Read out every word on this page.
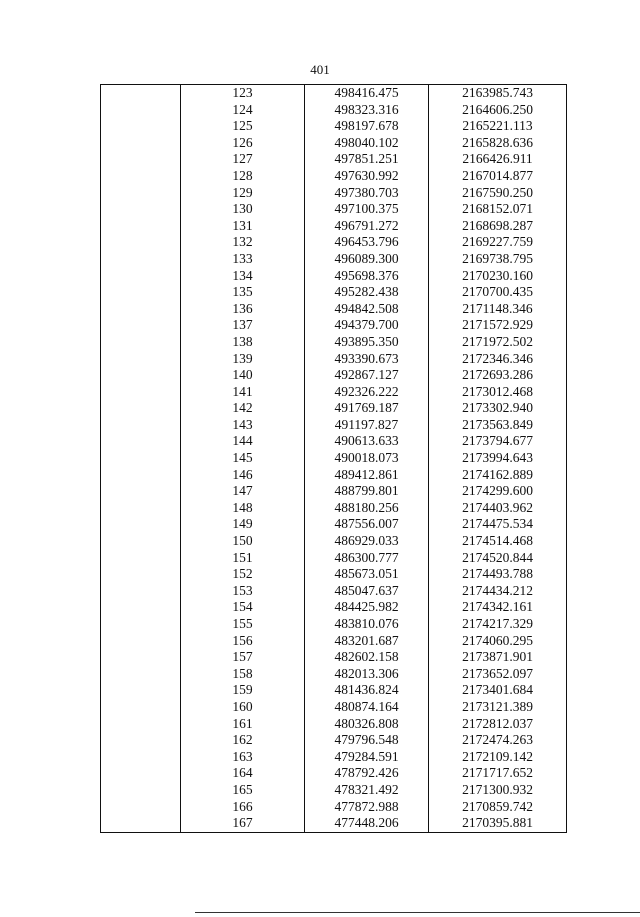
401
	123	498416.475	2163985.743
	124	498323.316	2164606.250
	125	498197.678	2165221.113
	126	498040.102	2165828.636
	127	497851.251	2166426.911
	128	497630.992	2167014.877
	129	497380.703	2167590.250
	130	497100.375	2168152.071
	131	496791.272	2168698.287
	132	496453.796	2169227.759
	133	496089.300	2169738.795
	134	495698.376	2170230.160
	135	495282.438	2170700.435
	136	494842.508	2171148.346
	137	494379.700	2171572.929
	138	493895.350	2171972.502
	139	493390.673	2172346.346
	140	492867.127	2172693.286
	141	492326.222	2173012.468
	142	491769.187	2173302.940
	143	491197.827	2173563.849
	144	490613.633	2173794.677
	145	490018.073	2173994.643
	146	489412.861	2174162.889
	147	488799.801	2174299.600
	148	488180.256	2174403.962
	149	487556.007	2174475.534
	150	486929.033	2174514.468
	151	486300.777	2174520.844
	152	485673.051	2174493.788
	153	485047.637	2174434.212
	154	484425.982	2174342.161
	155	483810.076	2174217.329
	156	483201.687	2174060.295
	157	482602.158	2173871.901
	158	482013.306	2173652.097
	159	481436.824	2173401.684
	160	480874.164	2173121.389
	161	480326.808	2172812.037
	162	479796.548	2172474.263
	163	479284.591	2172109.142
	164	478792.426	2171717.652
	165	478321.492	2171300.932
	166	477872.988	2170859.742
	167	477448.206	2170395.881
